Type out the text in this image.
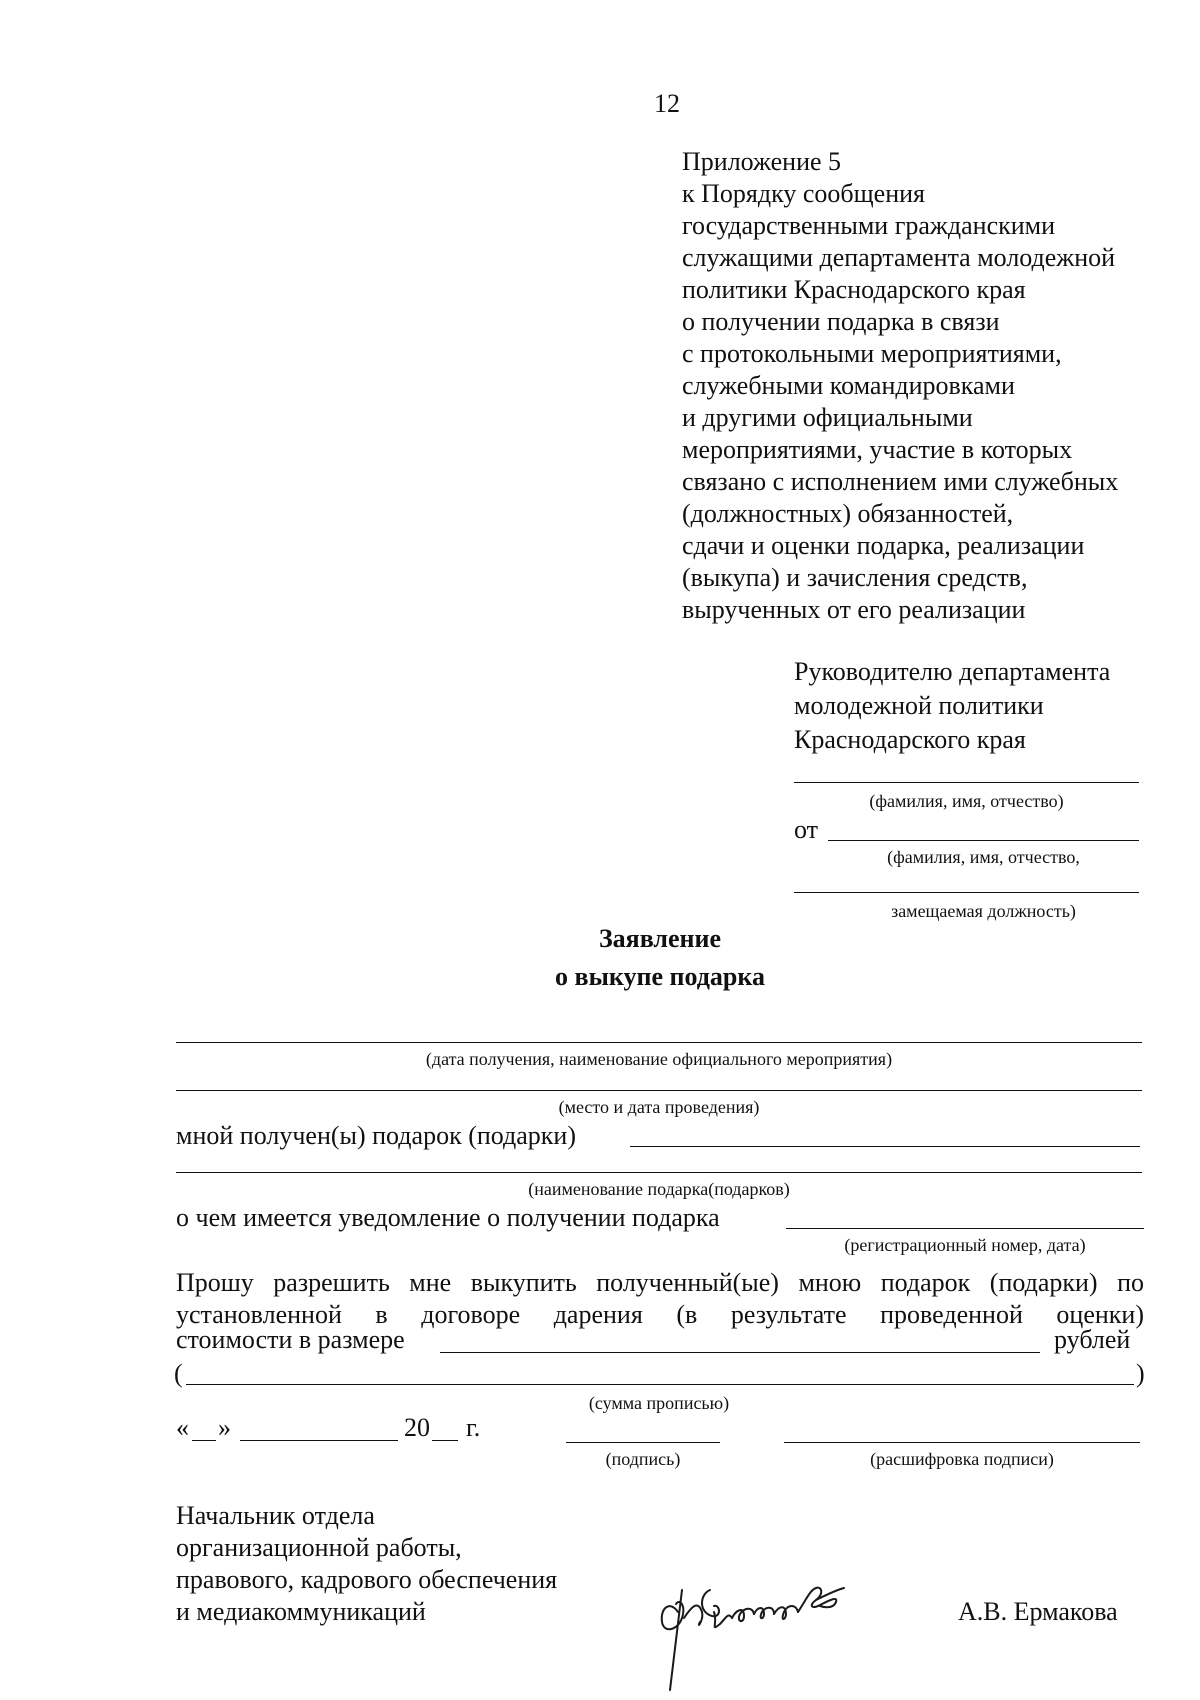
12
Приложение 5
к Порядку сообщения
государственными гражданскими
служащими департамента молодежной
политики Краснодарского края
о получении подарка в связи
с протокольными мероприятиями,
служебными командировками
и другими официальными
мероприятиями, участие в которых
связано с исполнением ими служебных
(должностных) обязанностей,
сдачи и оценки подарка, реализации
(выкупа) и зачисления средств,
вырученных от его реализации
Руководителю департамента
молодежной политики
Краснодарского края
(фамилия, имя, отчество)
от
(фамилия, имя, отчество,
замещаемая должность)
Заявление
о выкупе подарка
(дата получения, наименование официального мероприятия)
(место и дата проведения)
мной получен(ы) подарок (подарки)
(наименование подарка(подарков)
о чем имеется уведомление о получении подарка
(регистрационный номер, дата)
Прошу разрешить мне выкупить полученный(ые) мною подарок (подарки) по
установленной в договоре дарения (в результате проведенной оценки)
стоимости в размере	рублей
(	)
(сумма прописью)
« »	20 г.
(подпись)	(расшифровка подписи)
Начальник отдела
организационной работы,
правового, кадрового обеспечения
и медиакоммуникаций	А.В. Ермакова
